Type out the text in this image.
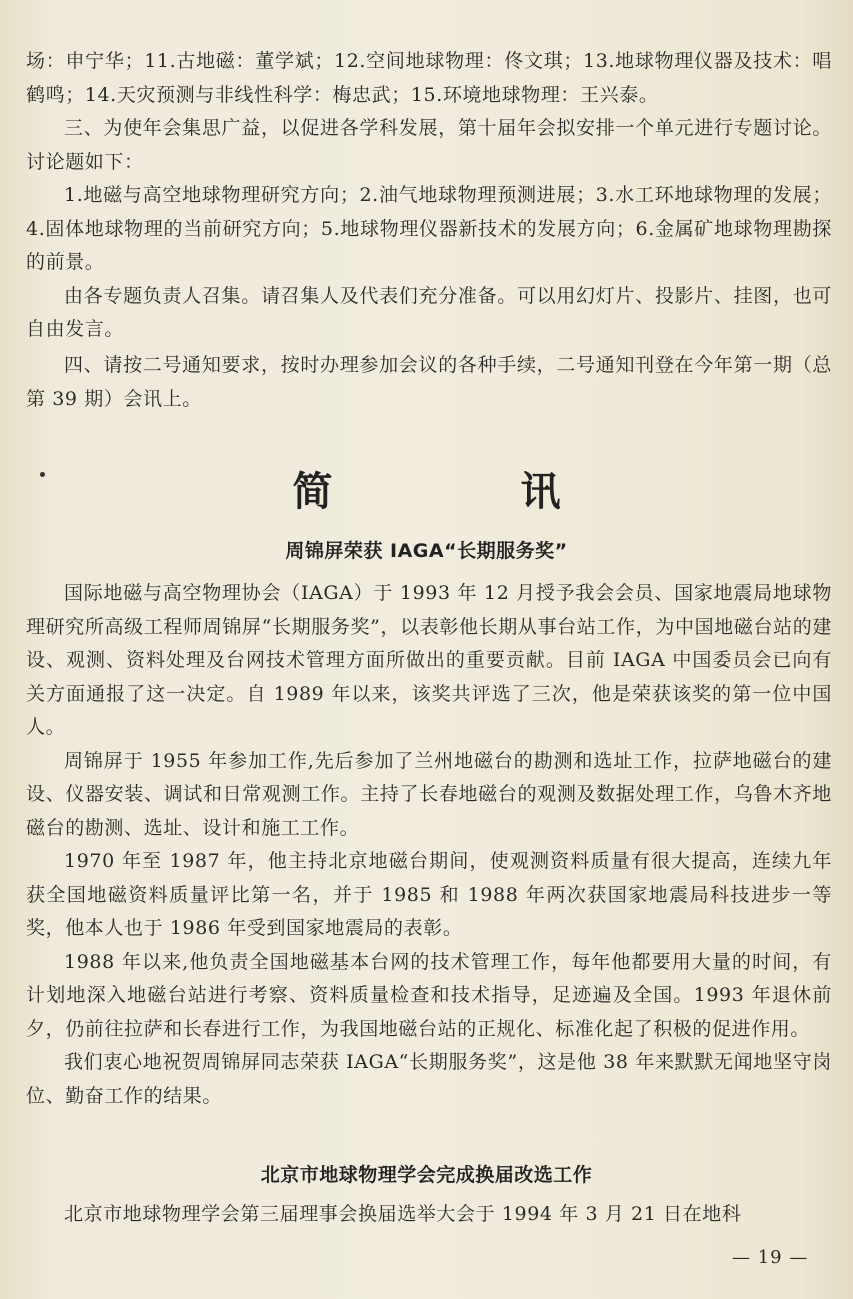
场：申宁华；11.古地磁：董学斌；12.空间地球物理：佟文琪；13.地球物理仪器及技术：唱鹤鸣；14.天灾预测与非线性科学：梅忠武；15.环境地球物理：王兴泰。

三、为使年会集思广益，以促进各学科发展，第十届年会拟安排一个单元进行专题讨论。讨论题如下：

1.地磁与高空地球物理研究方向；2.油气地球物理预测进展；3.水工环地球物理的发展；4.固体地球物理的当前研究方向；5.地球物理仪器新技术的发展方向；6.金属矿地球物理勘探的前景。

由各专题负责人召集。请召集人及代表们充分准备。可以用幻灯片、投影片、挂图，也可自由发言。

四、请按二号通知要求，按时办理参加会议的各种手续，二号通知刊登在今年第一期（总第 39 期）会讯上。

简　讯
周锦屏荣获 IAGA“长期服务奖”

国际地磁与高空物理协会（IAGA）于 1993 年 12 月授予我会会员、国家地震局地球物理研究所高级工程师周锦屏“长期服务奖”，以表彰他长期从事台站工作，为中国地磁台站的建设、观测、资料处理及台网技术管理方面所做出的重要贡献。目前 IAGA 中国委员会已向有关方面通报了这一决定。自 1989 年以来，该奖共评选了三次，他是荣获该奖的第一位中国人。

周锦屏于 1955 年参加工作,先后参加了兰州地磁台的勘测和选址工作，拉萨地磁台的建设、仪器安装、调试和日常观测工作。主持了长春地磁台的观测及数据处理工作，乌鲁木齐地磁台的勘测、选址、设计和施工工作。

1970 年至 1987 年，他主持北京地磁台期间，使观测资料质量有很大提高，连续九年获全国地磁资料质量评比第一名，并于 1985 和 1988 年两次获国家地震局科技进步一等奖，他本人也于 1986 年受到国家地震局的表彰。

1988 年以来,他负责全国地磁基本台网的技术管理工作，每年他都要用大量的时间，有计划地深入地磁台站进行考察、资料质量检查和技术指导，足迹遍及全国。1993 年退休前夕，仍前往拉萨和长春进行工作，为我国地磁台站的正规化、标准化起了积极的促进作用。

我们衷心地祝贺周锦屏同志荣获 IAGA“长期服务奖”，这是他 38 年来默默无闻地坚守岗位、勤奋工作的结果。

北京市地球物理学会完成换届改选工作

北京市地球物理学会第三届理事会换届选举大会于 1994 年 3 月 21 日在地科

— 19 —
